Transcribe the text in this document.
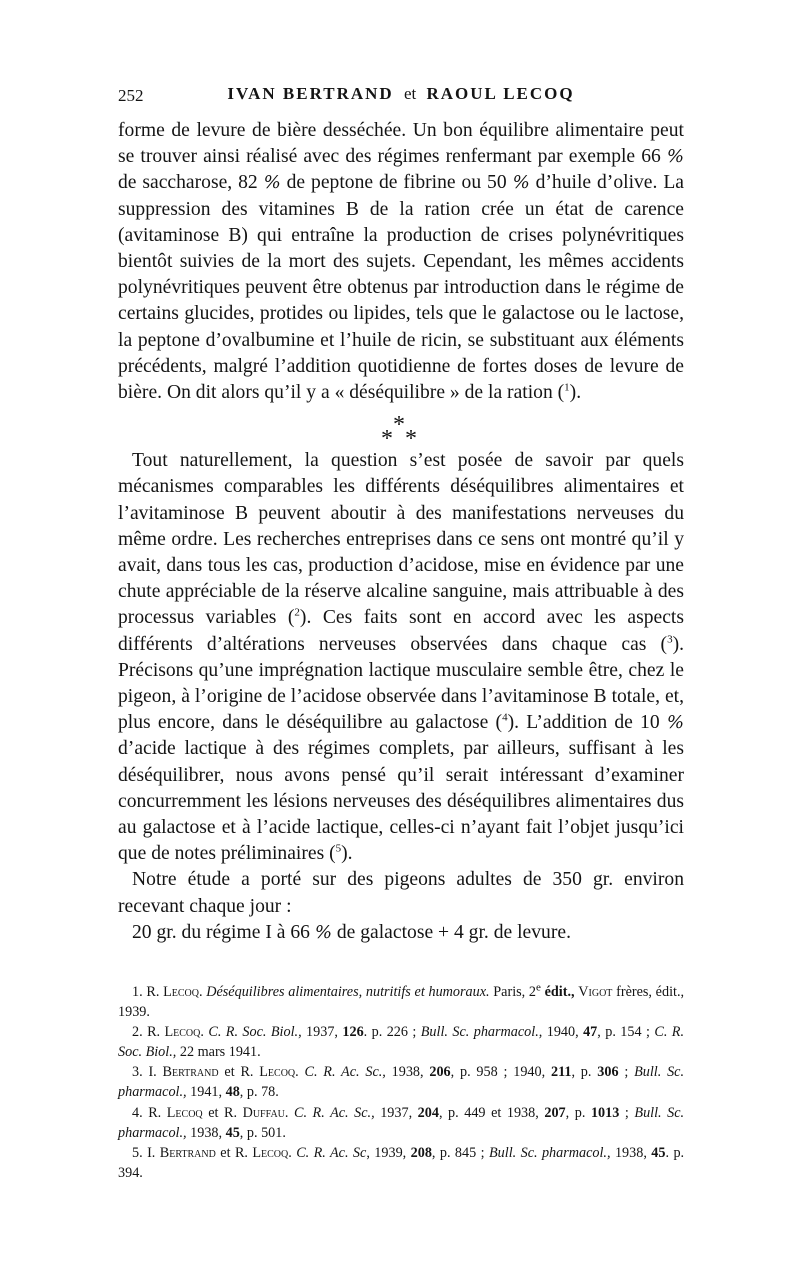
252	IVAN BERTRAND et RAOUL LECOQ

forme de levure de bière desséchée. Un bon équilibre alimentaire peut se trouver ainsi réalisé avec des régimes renfermant par exemple 66 % de saccharose, 82 % de peptone de fibrine ou 50 % d’huile d’olive. La suppression des vitamines B de la ration crée un état de carence (avitaminose B) qui entraîne la production de crises polynévritiques bientôt suivies de la mort des sujets. Cependant, les mêmes accidents polynévritiques peuvent être obtenus par introduction dans le régime de certains glucides, protides ou lipides, tels que le galactose ou le lactose, la peptone d’ovalbumine et l’huile de ricin, se substituant aux éléments précédents, malgré l’addition quotidienne de fortes doses de levure de bière. On dit alors qu’il y a « déséquilibre » de la ration ($^1$).

*
* *

Tout naturellement, la question s’est posée de savoir par quels mécanismes comparables les différents déséquilibres alimentaires et l’avitaminose B peuvent aboutir à des manifestations nerveuses du même ordre. Les recherches entreprises dans ce sens ont montré qu’il y avait, dans tous les cas, production d’acidose, mise en évidence par une chute appréciable de la réserve alcaline sanguine, mais attribuable à des processus variables ($^2$). Ces faits sont en accord avec les aspects différents d’altérations nerveuses observées dans chaque cas ($^3$). Précisons qu’une imprégnation lactique musculaire semble être, chez le pigeon, à l’origine de l’acidose observée dans l’avitaminose B totale, et, plus encore, dans le déséquilibre au galactose ($^4$). L’addition de 10 % d’acide lactique à des régimes complets, par ailleurs, suffisant à les déséquilibrer, nous avons pensé qu’il serait intéressant d’examiner concurremment les lésions nerveuses des déséquilibres alimentaires dus au galactose et à l’acide lactique, celles-ci n’ayant fait l’objet jusqu’ici que de notes préliminaires ($^5$).

Notre étude a porté sur des pigeons adultes de 350 gr. environ recevant chaque jour :

20 gr. du régime I à 66 % de galactose + 4 gr. de levure.

1. R. Lecoq. Déséquilibres alimentaires, nutritifs et humoraux. Paris, 2e édit., Vigot frères, édit., 1939.

2. R. Lecoq. C. R. Soc. Biol., 1937, 126. p. 226 ; Bull. Sc. pharmacol., 1940, 47, p. 154 ; C. R. Soc. Biol., 22 mars 1941.

3. I. Bertrand et R. Lecoq. C. R. Ac. Sc., 1938, 206, p. 958 ; 1940, 211, p. 306 ; Bull. Sc. pharmacol., 1941, 48, p. 78.

4. R. Lecoq et R. Duffau. C. R. Ac. Sc., 1937, 204, p. 449 et 1938, 207, p. 1013 ; Bull. Sc. pharmacol., 1938, 45, p. 501.

5. I. Bertrand et R. Lecoq. C. R. Ac. Sc, 1939, 208, p. 845 ; Bull. Sc. pharmacol., 1938, 45. p. 394.
